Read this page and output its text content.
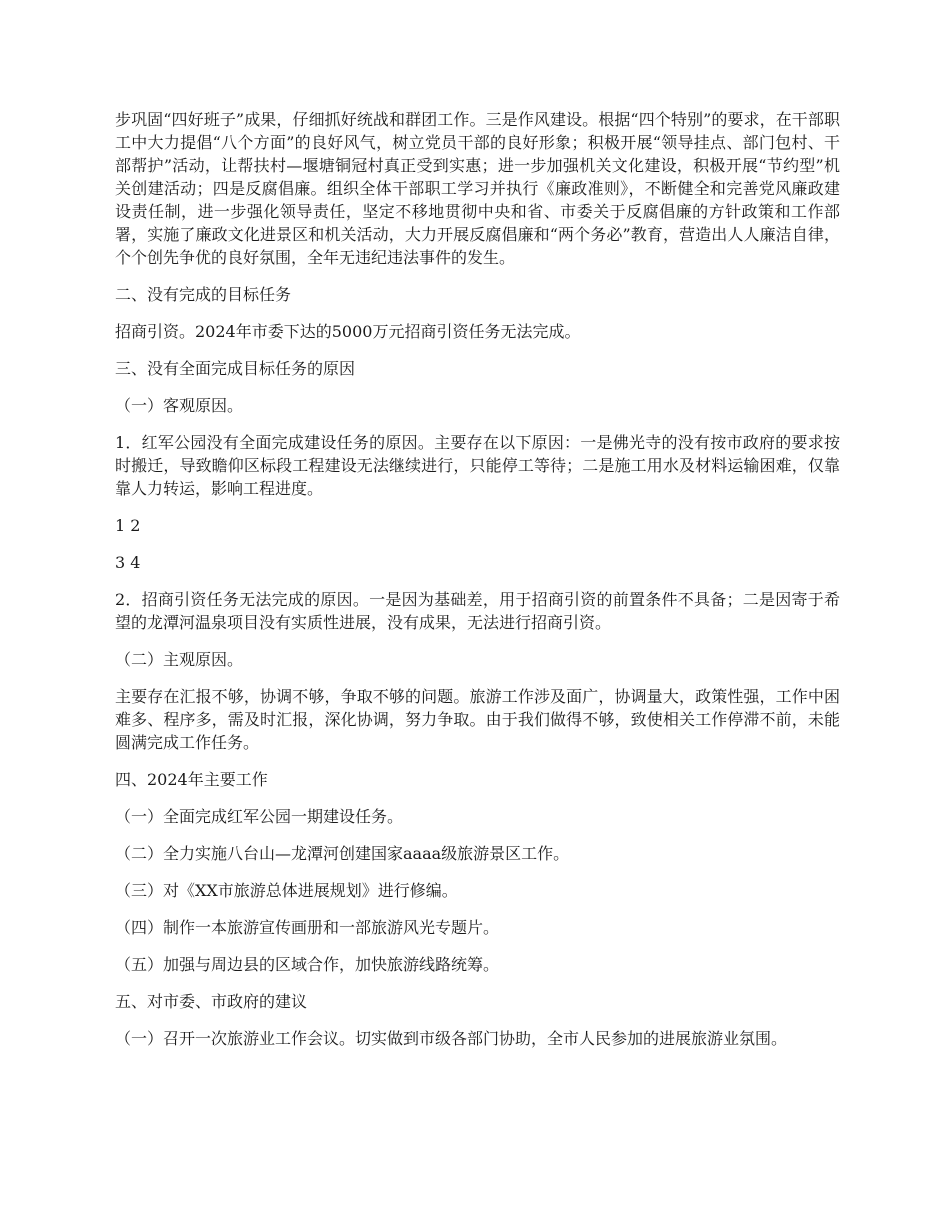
步巩固“四好班子”成果，仔细抓好统战和群团工作。三是作风建设。根据“四个特别”的要求，在干部职工中大力提倡“八个方面”的良好风气，树立党员干部的良好形象；积极开展“领导挂点、部门包村、干部帮护”活动，让帮扶村—堰塘铜冠村真正受到实惠；进一步加强机关文化建设，积极开展“节约型”机关创建活动；四是反腐倡廉。组织全体干部职工学习并执行《廉政准则》，不断健全和完善党风廉政建设责任制，进一步强化领导责任，坚定不移地贯彻中央和省、市委关于反腐倡廉的方针政策和工作部署，实施了廉政文化进景区和机关活动，大力开展反腐倡廉和“两个务必”教育，营造出人人廉洁自律，个个创先争优的良好氛围，全年无违纪违法事件的发生。

二、没有完成的目标任务

招商引资。2024年市委下达的5000万元招商引资任务无法完成。

三、没有全面完成目标任务的原因

（一）客观原因。

1．红军公园没有全面完成建设任务的原因。主要存在以下原因：一是佛光寺的没有按市政府的要求按时搬迁，导致瞻仰区标段工程建设无法继续进行，只能停工等待；二是施工用水及材料运输困难，仅靠靠人力转运，影响工程进度。

1 2

3 4

2．招商引资任务无法完成的原因。一是因为基础差，用于招商引资的前置条件不具备；二是因寄于希望的龙潭河温泉项目没有实质性进展，没有成果，无法进行招商引资。

（二）主观原因。

主要存在汇报不够，协调不够，争取不够的问题。旅游工作涉及面广，协调量大，政策性强，工作中困难多、程序多，需及时汇报，深化协调，努力争取。由于我们做得不够，致使相关工作停滞不前，未能圆满完成工作任务。

四、2024年主要工作

（一）全面完成红军公园一期建设任务。

（二）全力实施八台山—龙潭河创建国家aaaa级旅游景区工作。

（三）对《XX市旅游总体进展规划》进行修编。

（四）制作一本旅游宣传画册和一部旅游风光专题片。

（五）加强与周边县的区域合作，加快旅游线路统筹。

五、对市委、市政府的建议

（一）召开一次旅游业工作会议。切实做到市级各部门协助，全市人民参加的进展旅游业氛围。
